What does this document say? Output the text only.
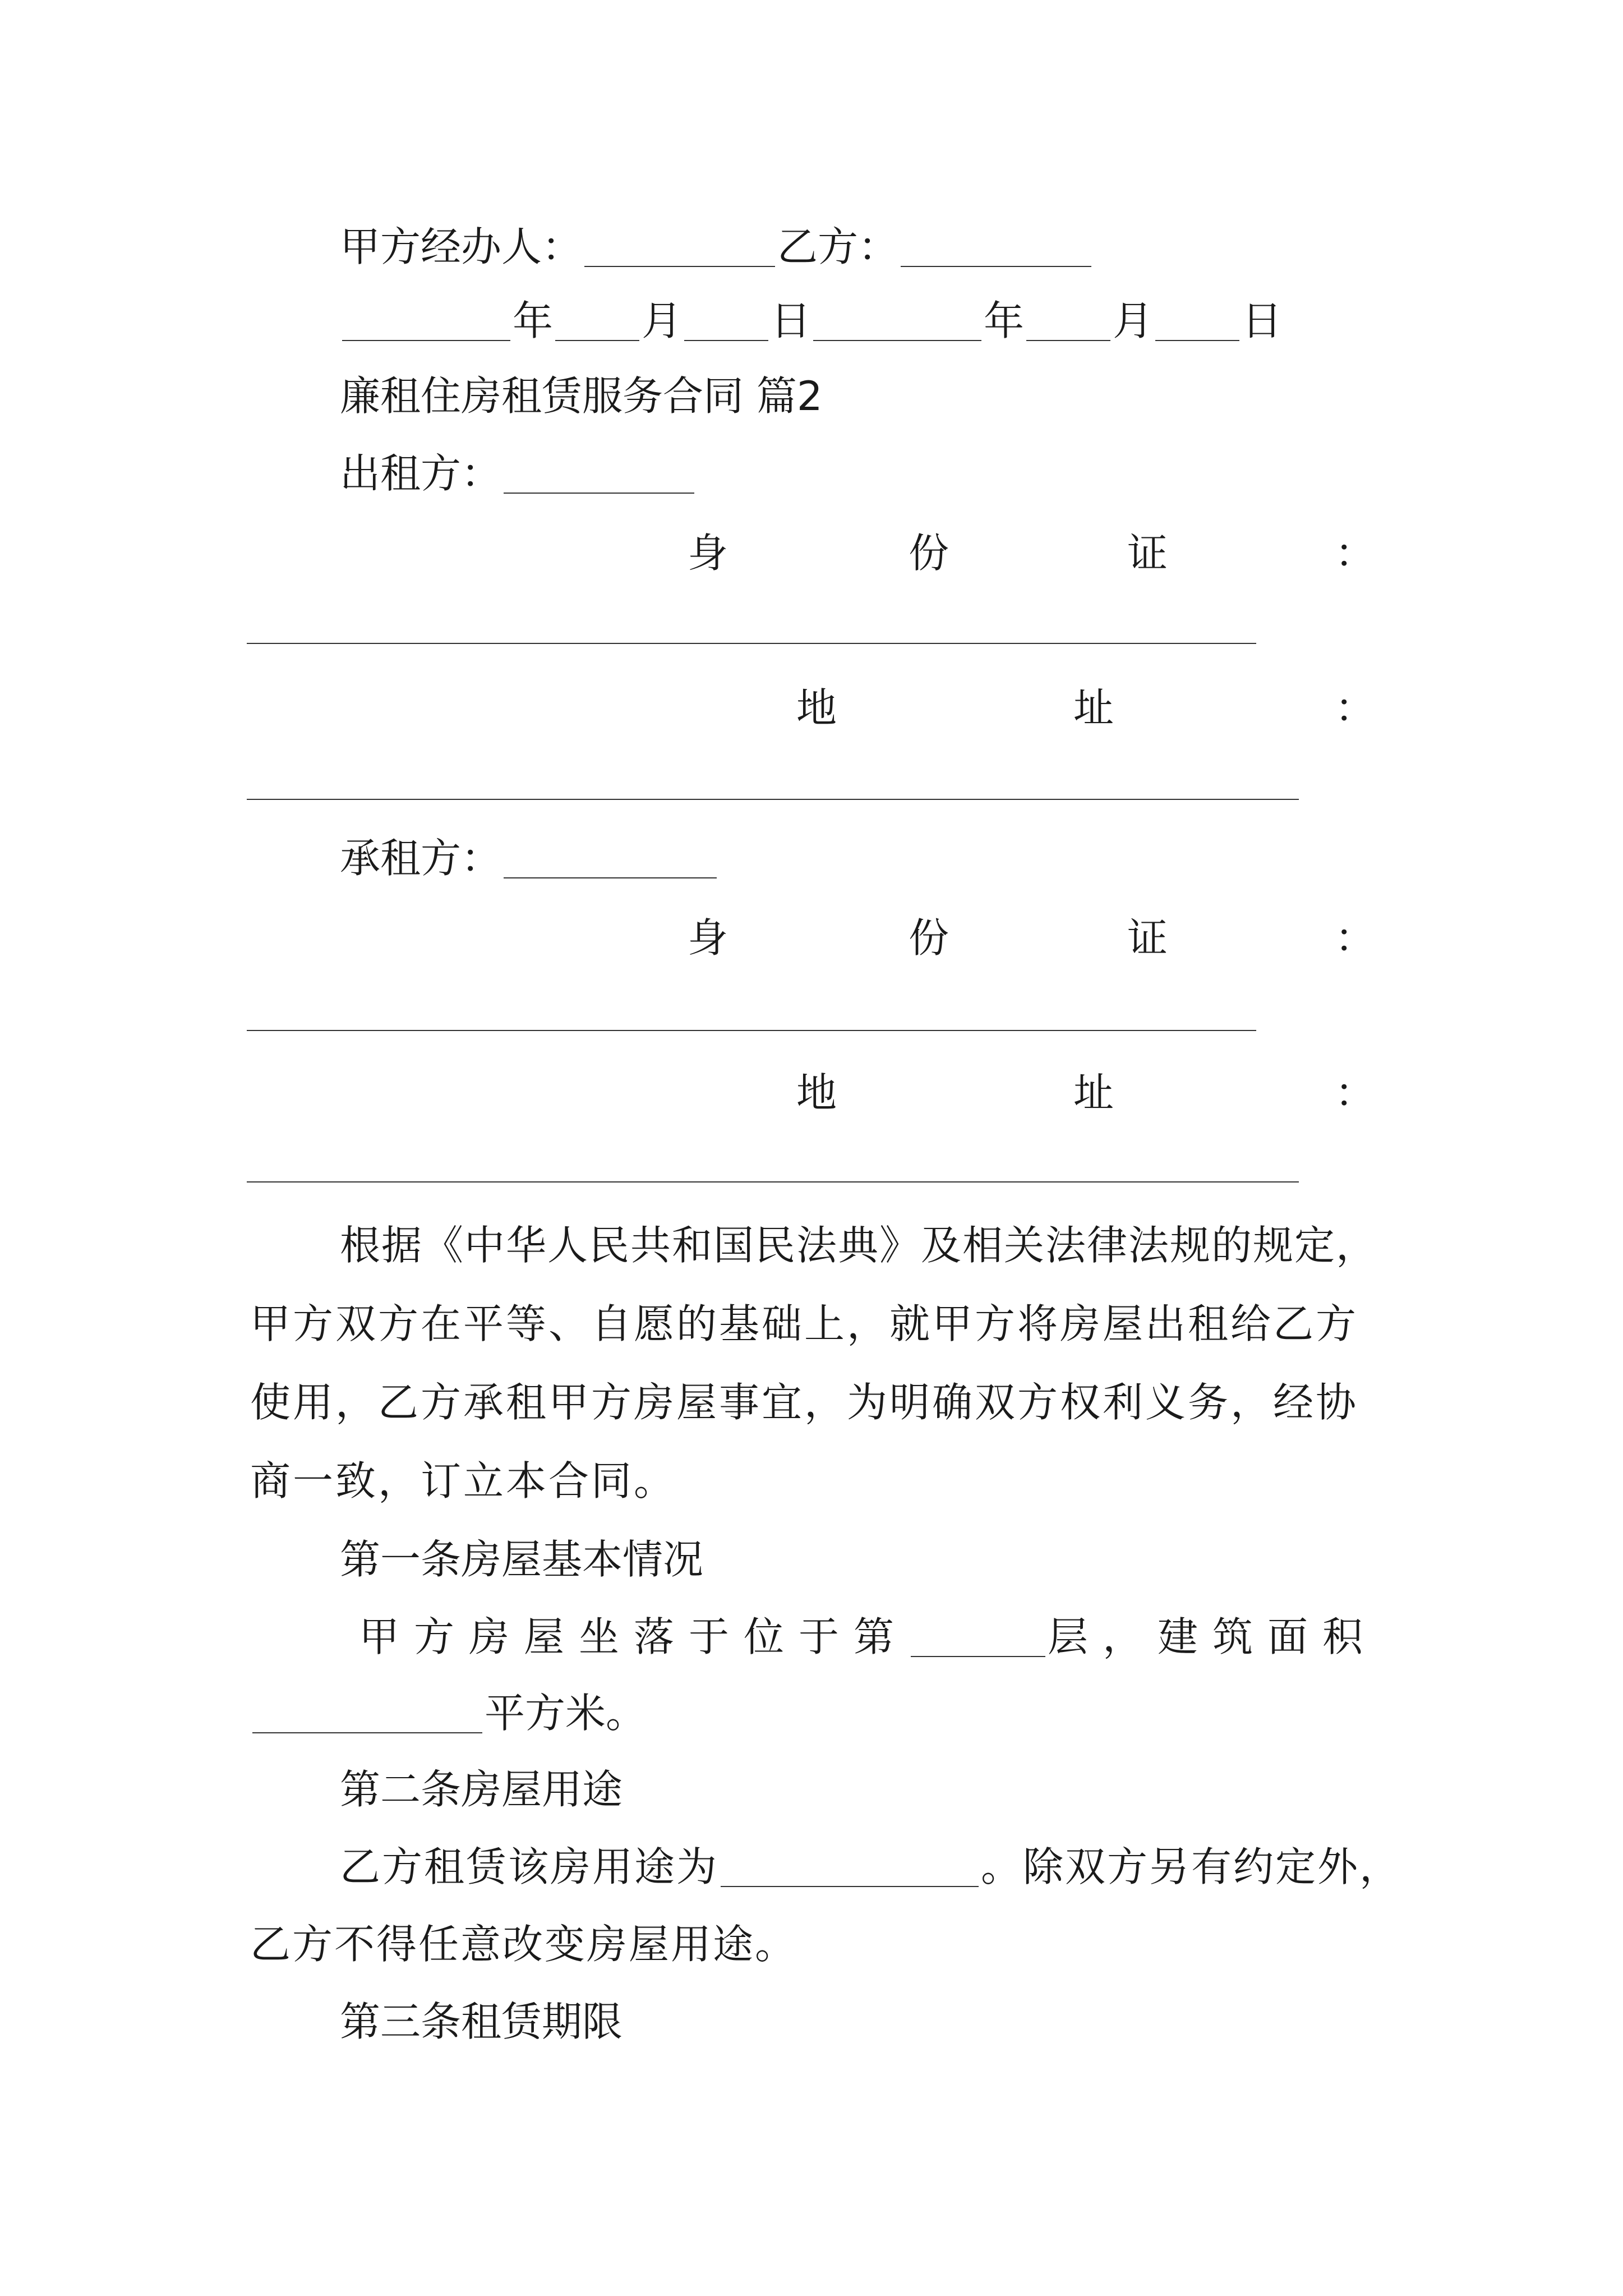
甲方经办人：	乙方：
年 月 日	年 月 日
廉租住房租赁服务合同 篇2
出租方：
身	份	证	：
地	址	：
承租方：
身	份	证	：
地	址	：
根据《中华人民共和国民法典》及相关法律法规的规定，
甲方双方在平等、自愿的基础上，就甲方将房屋出租给乙方
使用，乙方承租甲方房屋事宜，为明确双方权利义务，经协
商一致，订立本合同。
第一条房屋基本情况
甲方房屋坐落于位于第	层，建筑面积
平方米。
第二条房屋用途
乙方租赁该房用途为	。除双方另有约定外，
乙方不得任意改变房屋用途。
第三条租赁期限
